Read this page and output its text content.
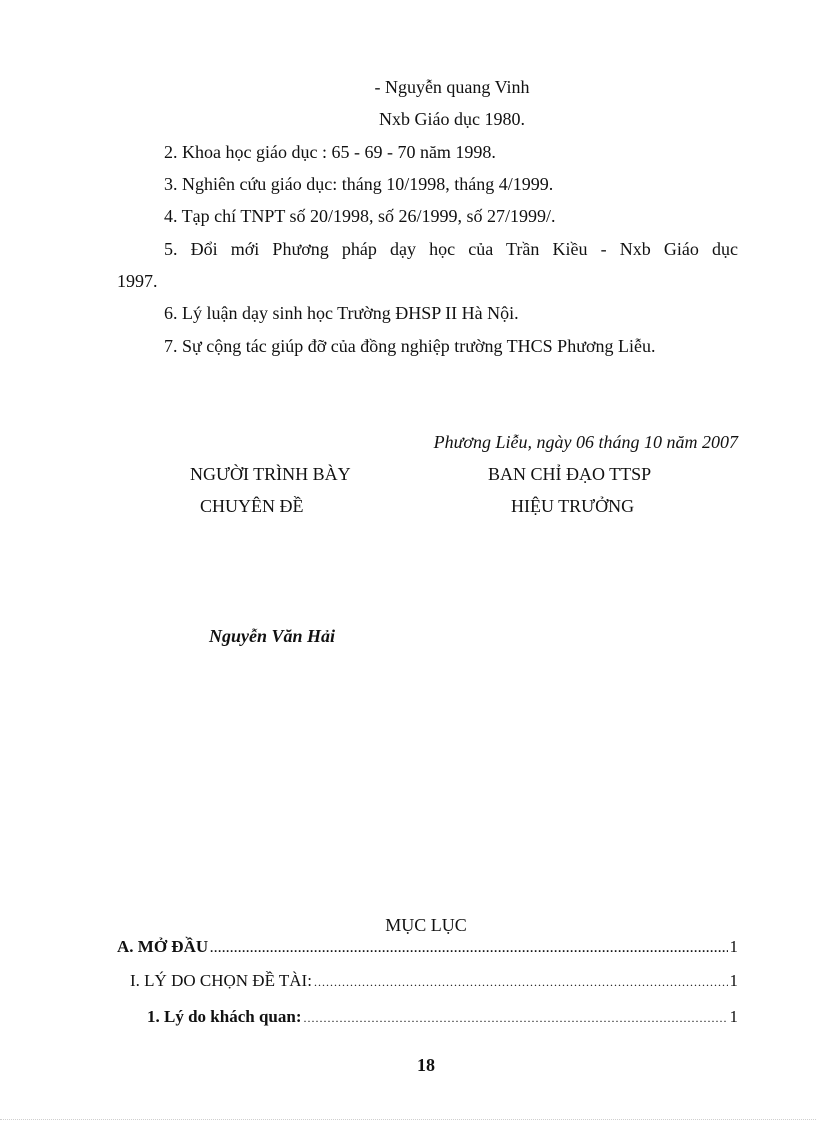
- Nguyễn quang Vinh
Nxb Giáo dục 1980.
2. Khoa học giáo dục : 65 - 69 - 70 năm 1998.
3. Nghiên cứu giáo dục: tháng 10/1998, tháng 4/1999.
4. Tạp chí TNPT số 20/1998, số 26/1999, số 27/1999/.
5. Đổi mới Phương pháp dạy học của Trần Kiều - Nxb Giáo dục
1997.
6. Lý luận dạy sinh học Trường ĐHSP II Hà Nội.
7. Sự cộng tác giúp đỡ của đồng nghiệp trường THCS Phương Liễu.
Phương Liễu, ngày 06 tháng 10 năm 2007
NGƯỜI TRÌNH BÀY
CHUYÊN ĐỀ
BAN CHỈ ĐẠO TTSP
HIỆU TRƯỞNG
Nguyễn Văn Hải
MỤC LỤC
A. MỞ ĐẦU .....	1
I. LÝ DO CHỌN ĐỀ TÀI: .....	1
1. Lý do khách quan: .....	1
18
